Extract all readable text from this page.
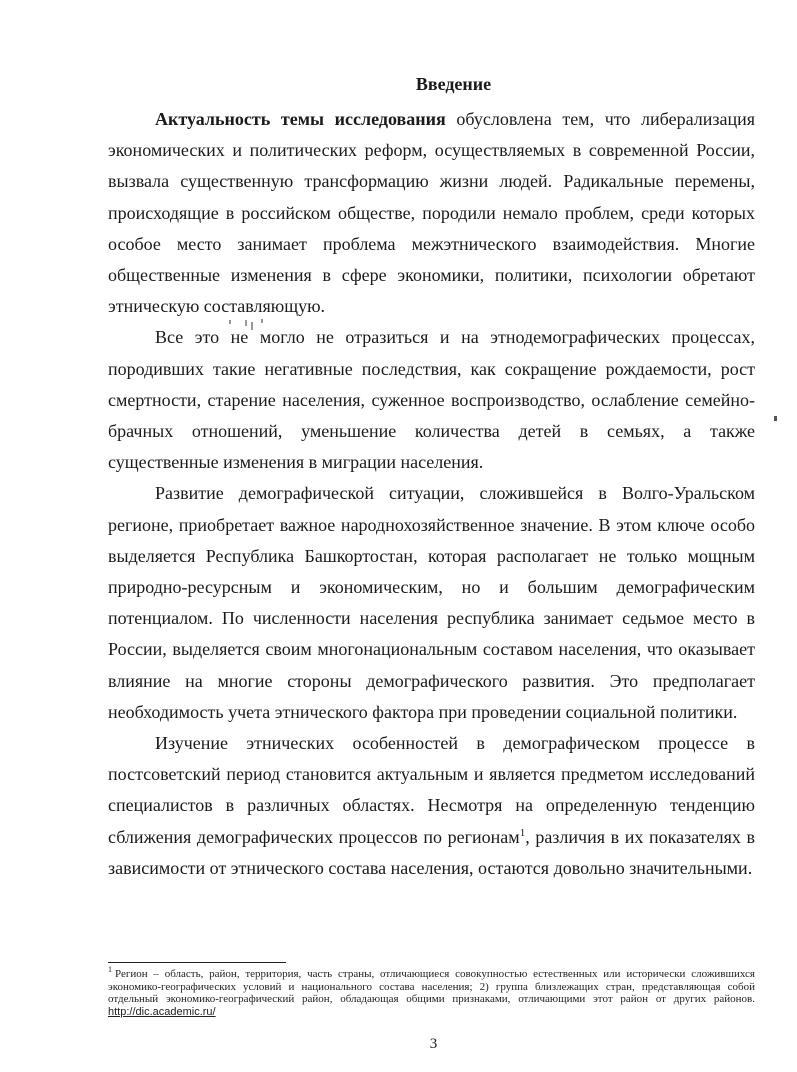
Введение

Актуальность темы исследования обусловлена тем, что либерализация экономических и политических реформ, осуществляемых в современной России, вызвала существенную трансформацию жизни людей. Радикальные перемены, происходящие в российском обществе, породили немало проблем, среди которых особое место занимает проблема межэтнического взаимодействия. Многие общественные изменения в сфере экономики, политики, психологии обретают этническую составляющую.

Все это не могло не отразиться и на этнодемографических процессах, породивших такие негативные последствия, как сокращение рождаемости, рост смертности, старение населения, суженное воспроизводство, ослабление семейно-брачных отношений, уменьшение количества детей в семьях, а также существенные изменения в миграции населения.

Развитие демографической ситуации, сложившейся в Волго-Уральском регионе, приобретает важное народнохозяйственное значение. В этом ключе особо выделяется Республика Башкортостан, которая располагает не только мощным природно-ресурсным и экономическим, но и большим демографическим потенциалом. По численности населения республика занимает седьмое место в России, выделяется своим многонациональным составом населения, что оказывает влияние на многие стороны демографического развития. Это предполагает необходимость учета этнического фактора при проведении социальной политики.

Изучение этнических особенностей в демографическом процессе в постсоветский период становится актуальным и является предметом исследований специалистов в различных областях. Несмотря на определенную тенденцию сближения демографических процессов по регионам$^1$, различия в их показателях в зависимости от этнического состава населения, остаются довольно значительными.

$^1$ Регион – область, район, территория, часть страны, отличающиеся совокупностью естественных или исторически сложившихся экономико-географических условий и национального состава населения; 2) группа близлежащих стран, представляющая собой отдельный экономико-географический район, обладающая общими признаками, отличающими этот район от других районов. http://dic.academic.ru/
3
